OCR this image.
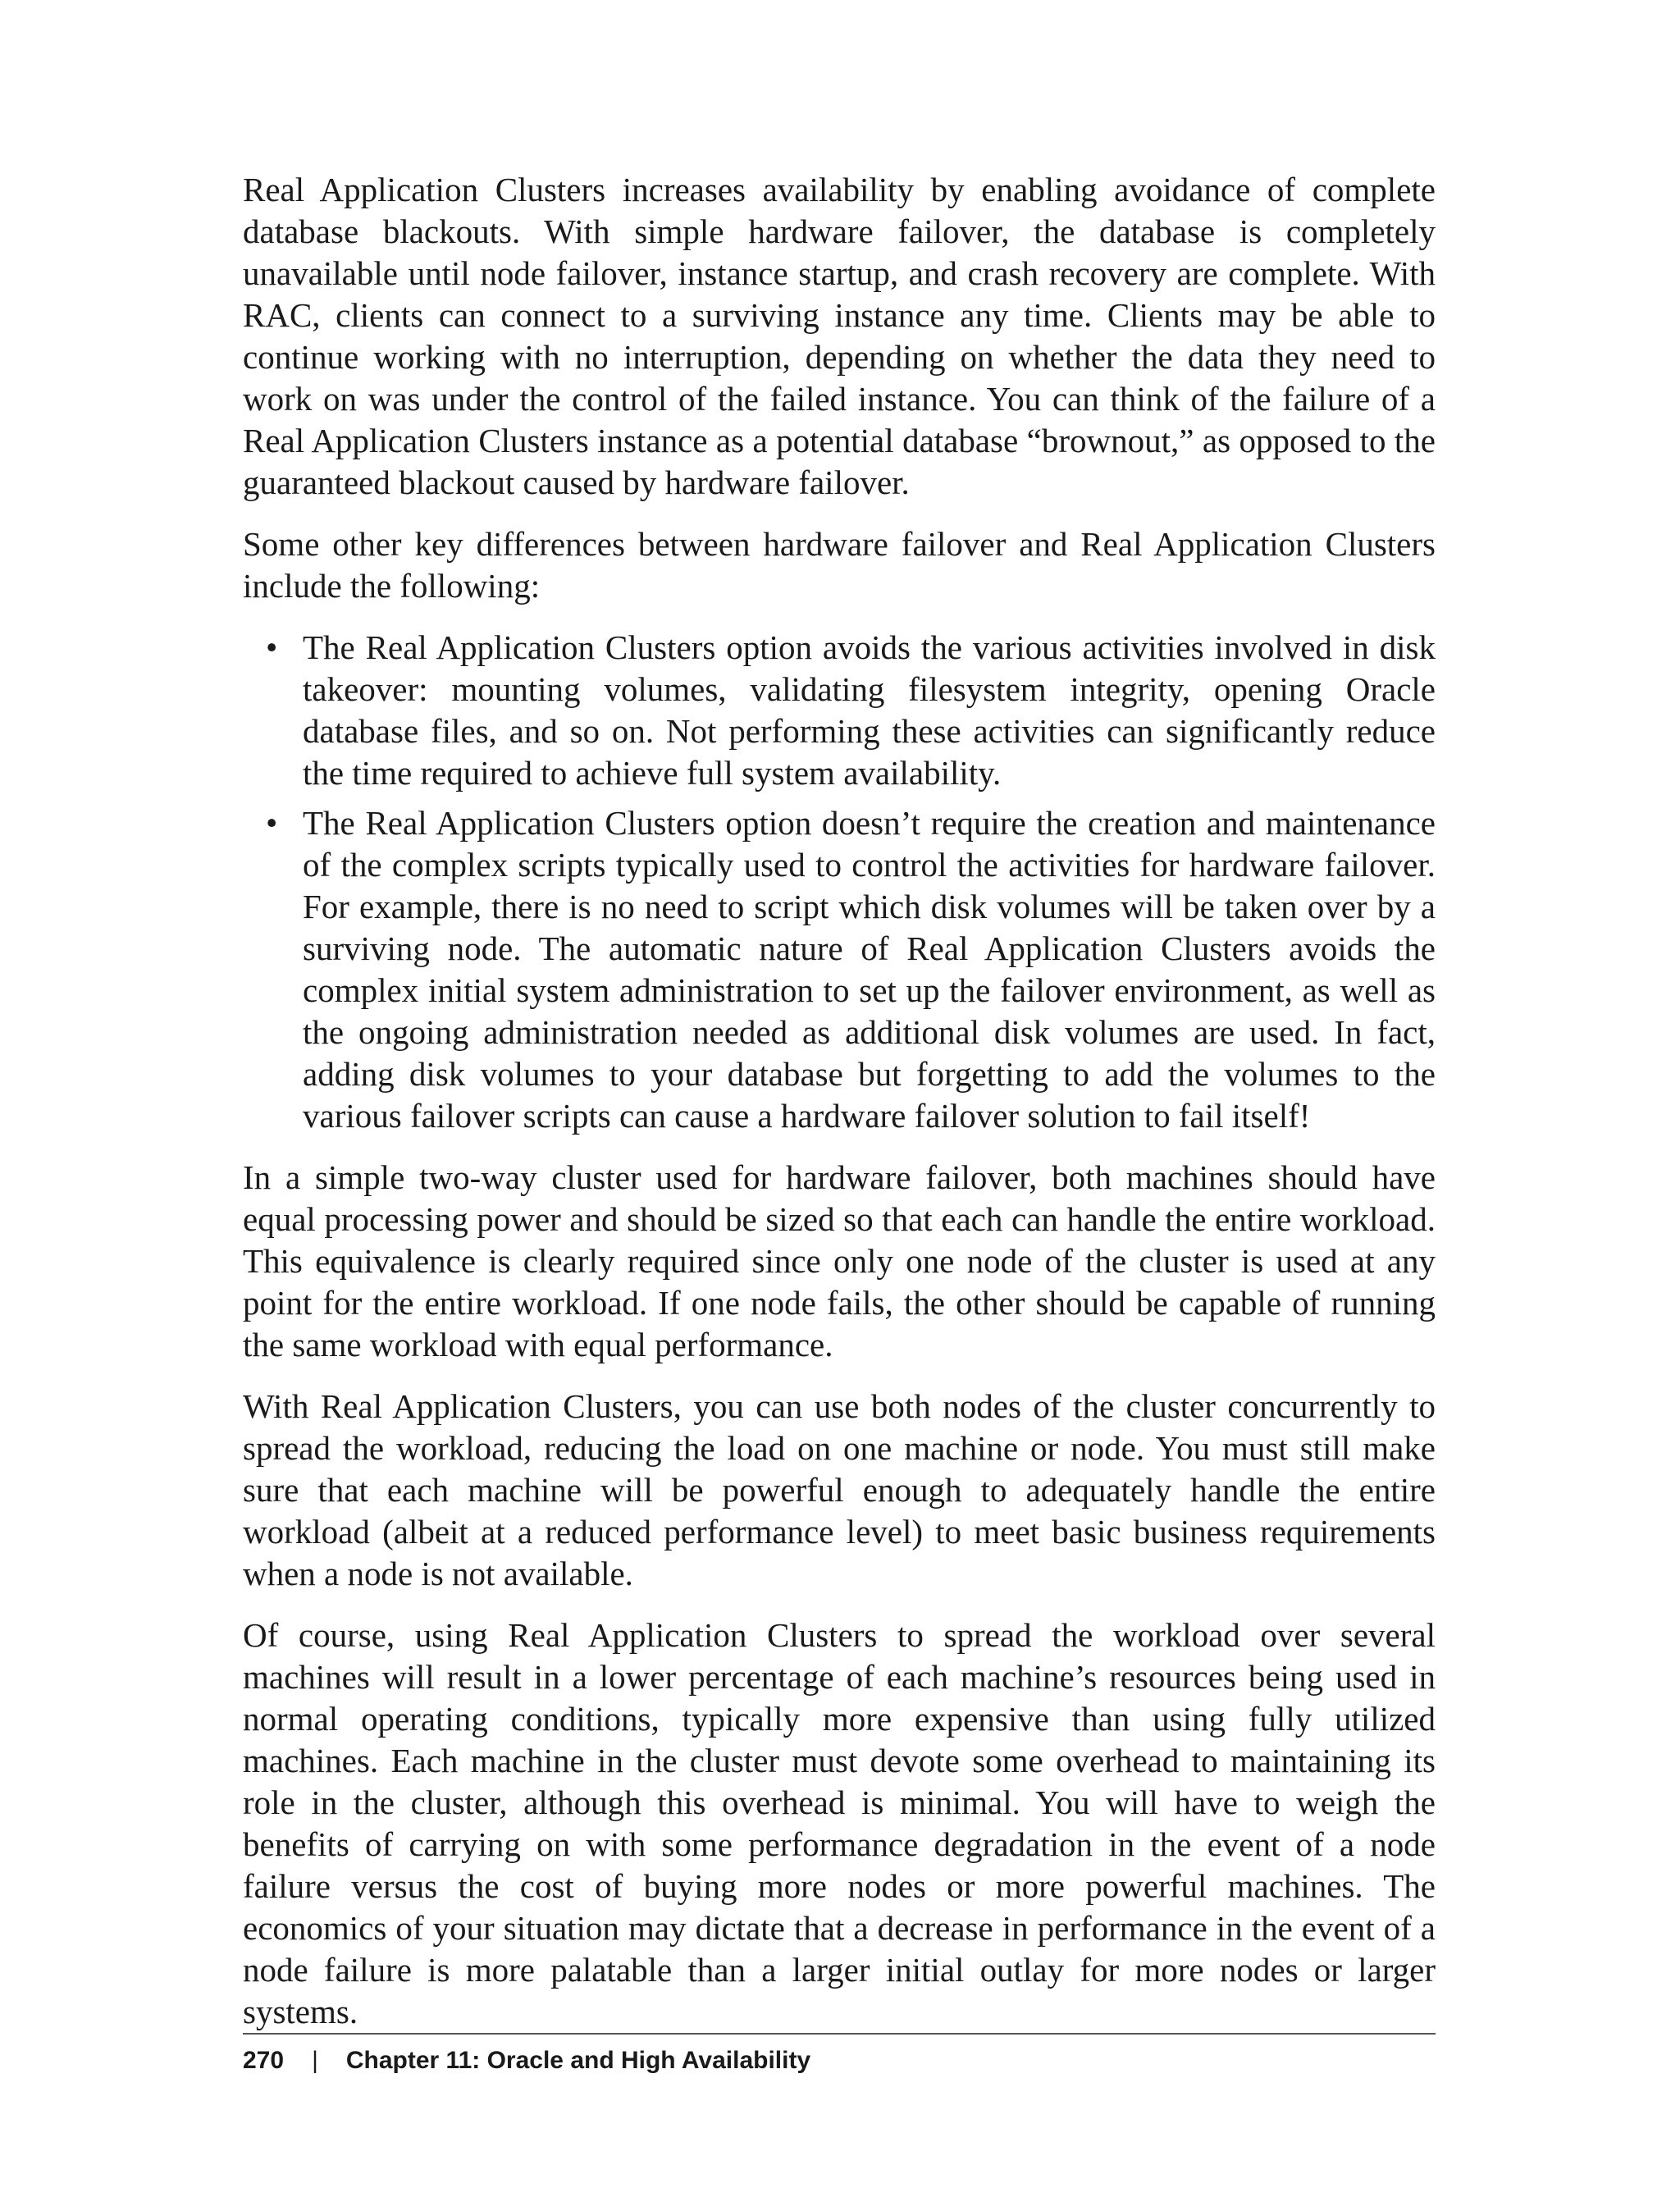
Real Application Clusters increases availability by enabling avoidance of complete database blackouts. With simple hardware failover, the database is completely unavailable until node failover, instance startup, and crash recovery are complete. With RAC, clients can connect to a surviving instance any time. Clients may be able to continue working with no interruption, depending on whether the data they need to work on was under the control of the failed instance. You can think of the failure of a Real Application Clusters instance as a potential database “brownout,” as opposed to the guaranteed blackout caused by hardware failover.

Some other key differences between hardware failover and Real Application Clusters include the following:

• The Real Application Clusters option avoids the various activities involved in disk takeover: mounting volumes, validating filesystem integrity, opening Oracle database files, and so on. Not performing these activities can significantly reduce the time required to achieve full system availability.
• The Real Application Clusters option doesn’t require the creation and maintenance of the complex scripts typically used to control the activities for hardware failover. For example, there is no need to script which disk volumes will be taken over by a surviving node. The automatic nature of Real Application Clusters avoids the complex initial system administration to set up the failover environment, as well as the ongoing administration needed as additional disk volumes are used. In fact, adding disk volumes to your database but forgetting to add the volumes to the various failover scripts can cause a hardware failover solution to fail itself!

In a simple two-way cluster used for hardware failover, both machines should have equal processing power and should be sized so that each can handle the entire workload. This equivalence is clearly required since only one node of the cluster is used at any point for the entire workload. If one node fails, the other should be capable of running the same workload with equal performance.

With Real Application Clusters, you can use both nodes of the cluster concurrently to spread the workload, reducing the load on one machine or node. You must still make sure that each machine will be powerful enough to adequately handle the entire workload (albeit at a reduced performance level) to meet basic business requirements when a node is not available.

Of course, using Real Application Clusters to spread the workload over several machines will result in a lower percentage of each machine’s resources being used in normal operating conditions, typically more expensive than using fully utilized machines. Each machine in the cluster must devote some overhead to maintaining its role in the cluster, although this overhead is minimal. You will have to weigh the benefits of carrying on with some performance degradation in the event of a node failure versus the cost of buying more nodes or more powerful machines. The economics of your situation may dictate that a decrease in performance in the event of a node failure is more palatable than a larger initial outlay for more nodes or larger systems.

270 | Chapter 11: Oracle and High Availability
